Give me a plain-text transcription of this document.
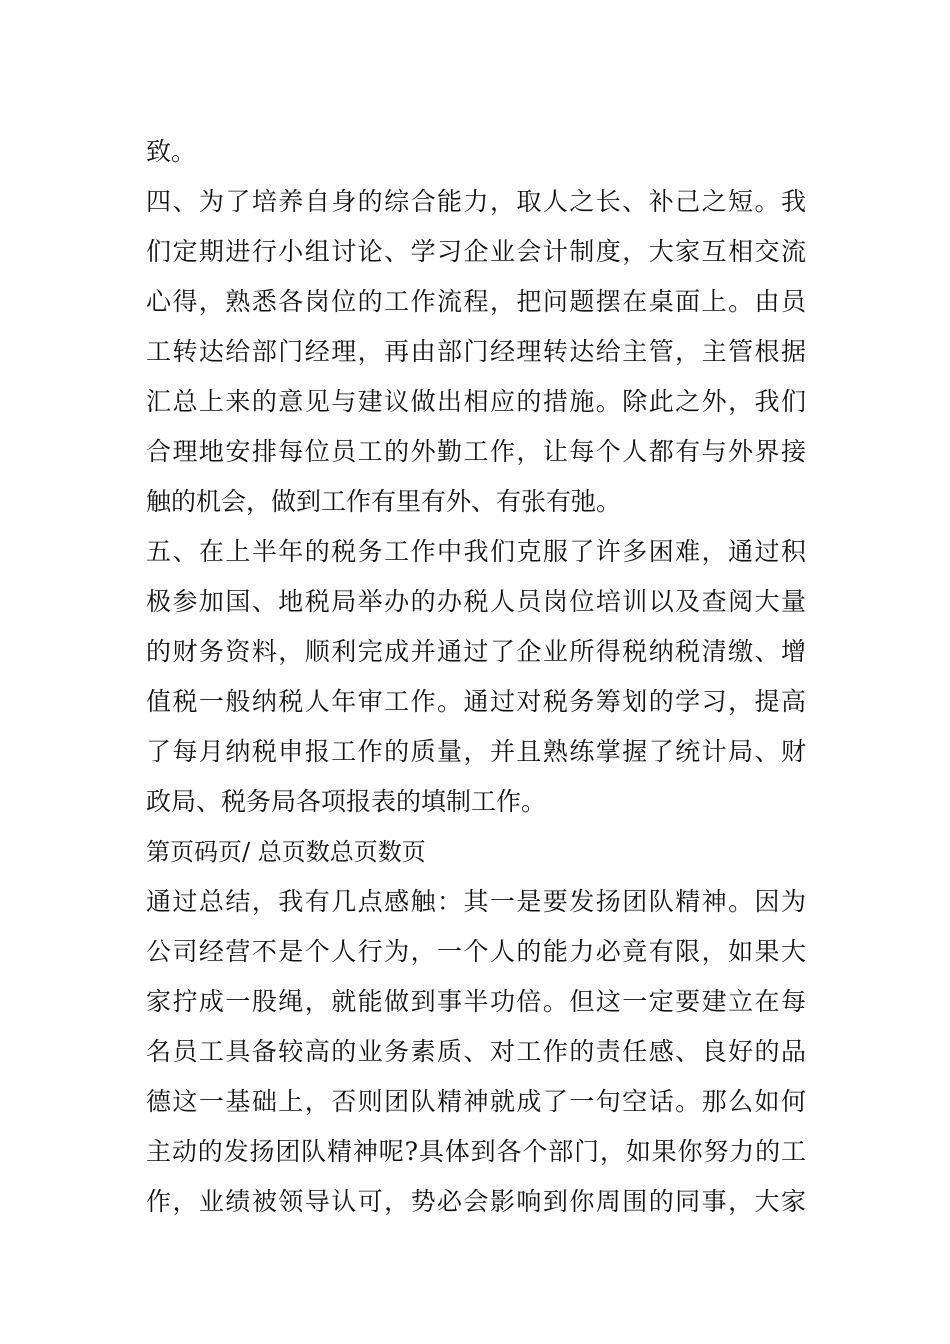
致。
四、为了培养自身的综合能力，取人之长、补己之短。我
们定期进行小组讨论、学习企业会计制度，大家互相交流
心得，熟悉各岗位的工作流程，把问题摆在桌面上。由员
工转达给部门经理，再由部门经理转达给主管，主管根据
汇总上来的意见与建议做出相应的措施。除此之外，我们
合理地安排每位员工的外勤工作，让每个人都有与外界接
触的机会，做到工作有里有外、有张有弛。
五、在上半年的税务工作中我们克服了许多困难，通过积
极参加国、地税局举办的办税人员岗位培训以及查阅大量
的财务资料，顺利完成并通过了企业所得税纳税清缴、增
值税一般纳税人年审工作。通过对税务筹划的学习，提高
了每月纳税申报工作的质量，并且熟练掌握了统计局、财
政局、税务局各项报表的填制工作。
第页码页/ 总页数总页数页
通过总结，我有几点感触：其一是要发扬团队精神。因为
公司经营不是个人行为，一个人的能力必竟有限，如果大
家拧成一股绳，就能做到事半功倍。但这一定要建立在每
名员工具备较高的业务素质、对工作的责任感、良好的品
德这一基础上，否则团队精神就成了一句空话。那么如何
主动的发扬团队精神呢?具体到各个部门，如果你努力的工
作，业绩被领导认可，势必会影响到你周围的同事，大家
